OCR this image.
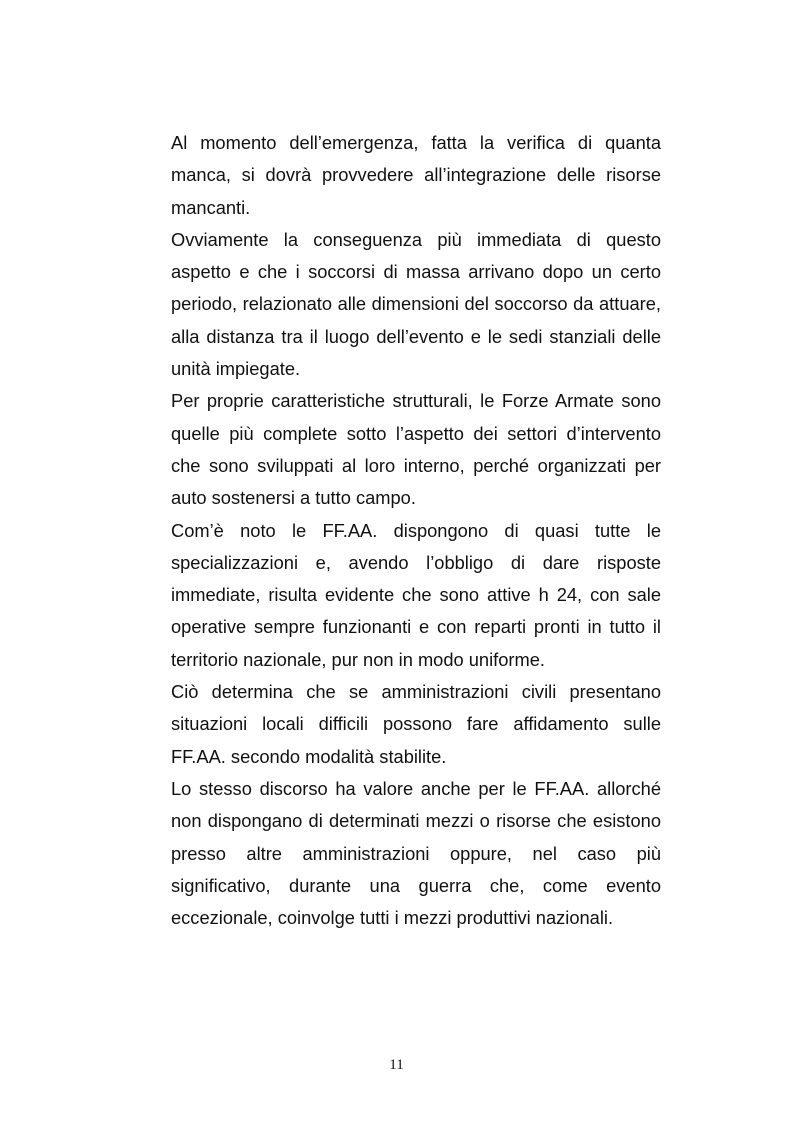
Al momento dell’emergenza, fatta la verifica di quanta manca, si dovrà provvedere all’integrazione delle risorse mancanti.

Ovviamente la conseguenza più immediata di questo aspetto e che i soccorsi di massa arrivano dopo un certo periodo, relazionato alle dimensioni del soccorso da attuare, alla distanza tra il luogo dell’evento e le sedi stanziali delle unità impiegate.

Per proprie caratteristiche strutturali, le Forze Armate sono quelle più complete sotto l’aspetto dei settori d’intervento che sono sviluppati al loro interno, perché organizzati per auto sostenersi a tutto campo.

Com’è noto le FF.AA. dispongono di quasi tutte le specializzazioni e, avendo l’obbligo di dare risposte immediate, risulta evidente che sono attive h 24, con sale operative sempre funzionanti e con reparti pronti in tutto il territorio nazionale, pur non in modo uniforme.

Ciò determina che se amministrazioni civili presentano situazioni locali difficili possono fare affidamento sulle FF.AA. secondo modalità stabilite.

Lo stesso discorso ha valore anche per le FF.AA. allorché non dispongano di determinati mezzi o risorse che esistono presso altre amministrazioni oppure, nel caso più significativo, durante una guerra che, come evento eccezionale, coinvolge tutti i mezzi produttivi nazionali.

11
